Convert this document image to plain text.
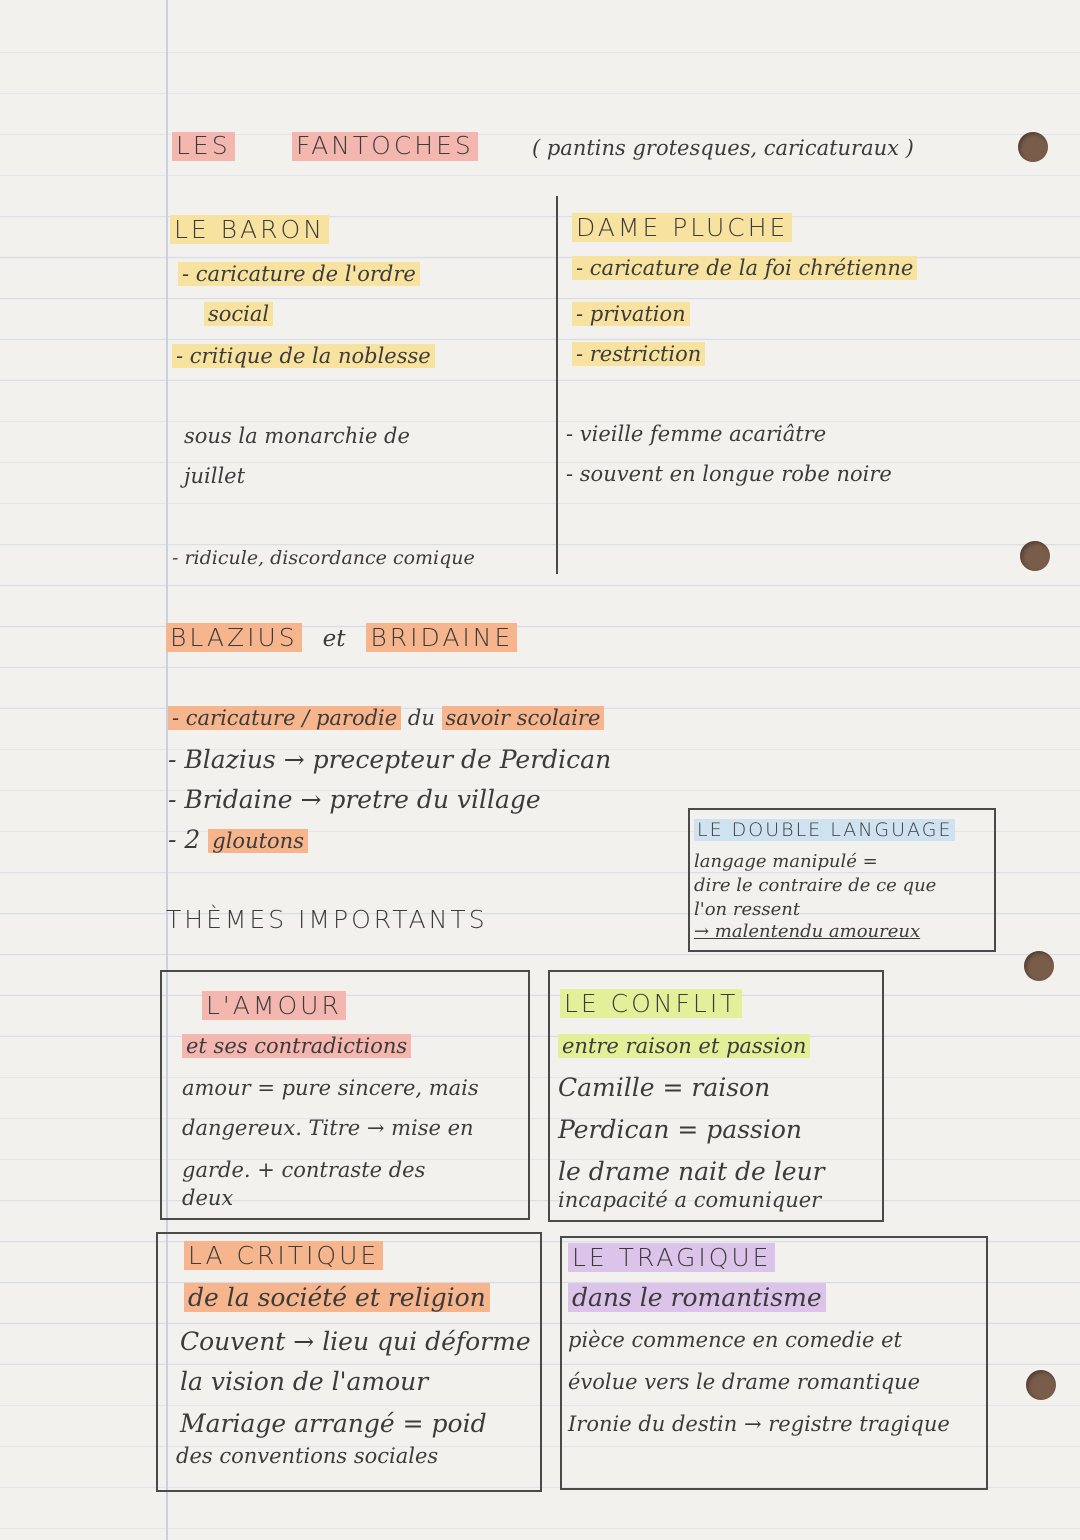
LES	FANTOCHES	( pantins grotesques, caricaturaux )
LE BARON
- caricature de l'ordre
social
- critique de la noblesse
sous la monarchie de
juillet
- ridicule, discordance comique
DAME PLUCHE
- caricature de la foi chrétienne
- privation
- restriction
- vieille femme acariâtre
- souvent en longue robe noire
BLAZIUS et BRIDAINE
- caricature / parodie du savoir scolaire
- Blazius → precepteur de Perdican
- Bridaine → pretre du village
- 2 gloutons	LE DOUBLE LANGUAGE
langage manipulé =
dire le contraire de ce que
l'on ressent
→ malentendu amoureux
THÈMES IMPORTANTS
L'AMOUR
et ses contradictions
amour = pure sincere, mais
dangereux. Titre → mise en
garde. + contraste des
deux
LE CONFLIT
entre raison et passion
Camille = raison
Perdican = passion
le drame nait de leur
incapacité a comuniquer
LA CRITIQUE
de la société et religion
Couvent → lieu qui déforme
la vision de l'amour
Mariage arrangé = poid
des conventions sociales
LE TRAGIQUE
dans le romantisme
pièce commence en comedie et
évolue vers le drame romantique
Ironie du destin → registre tragique
